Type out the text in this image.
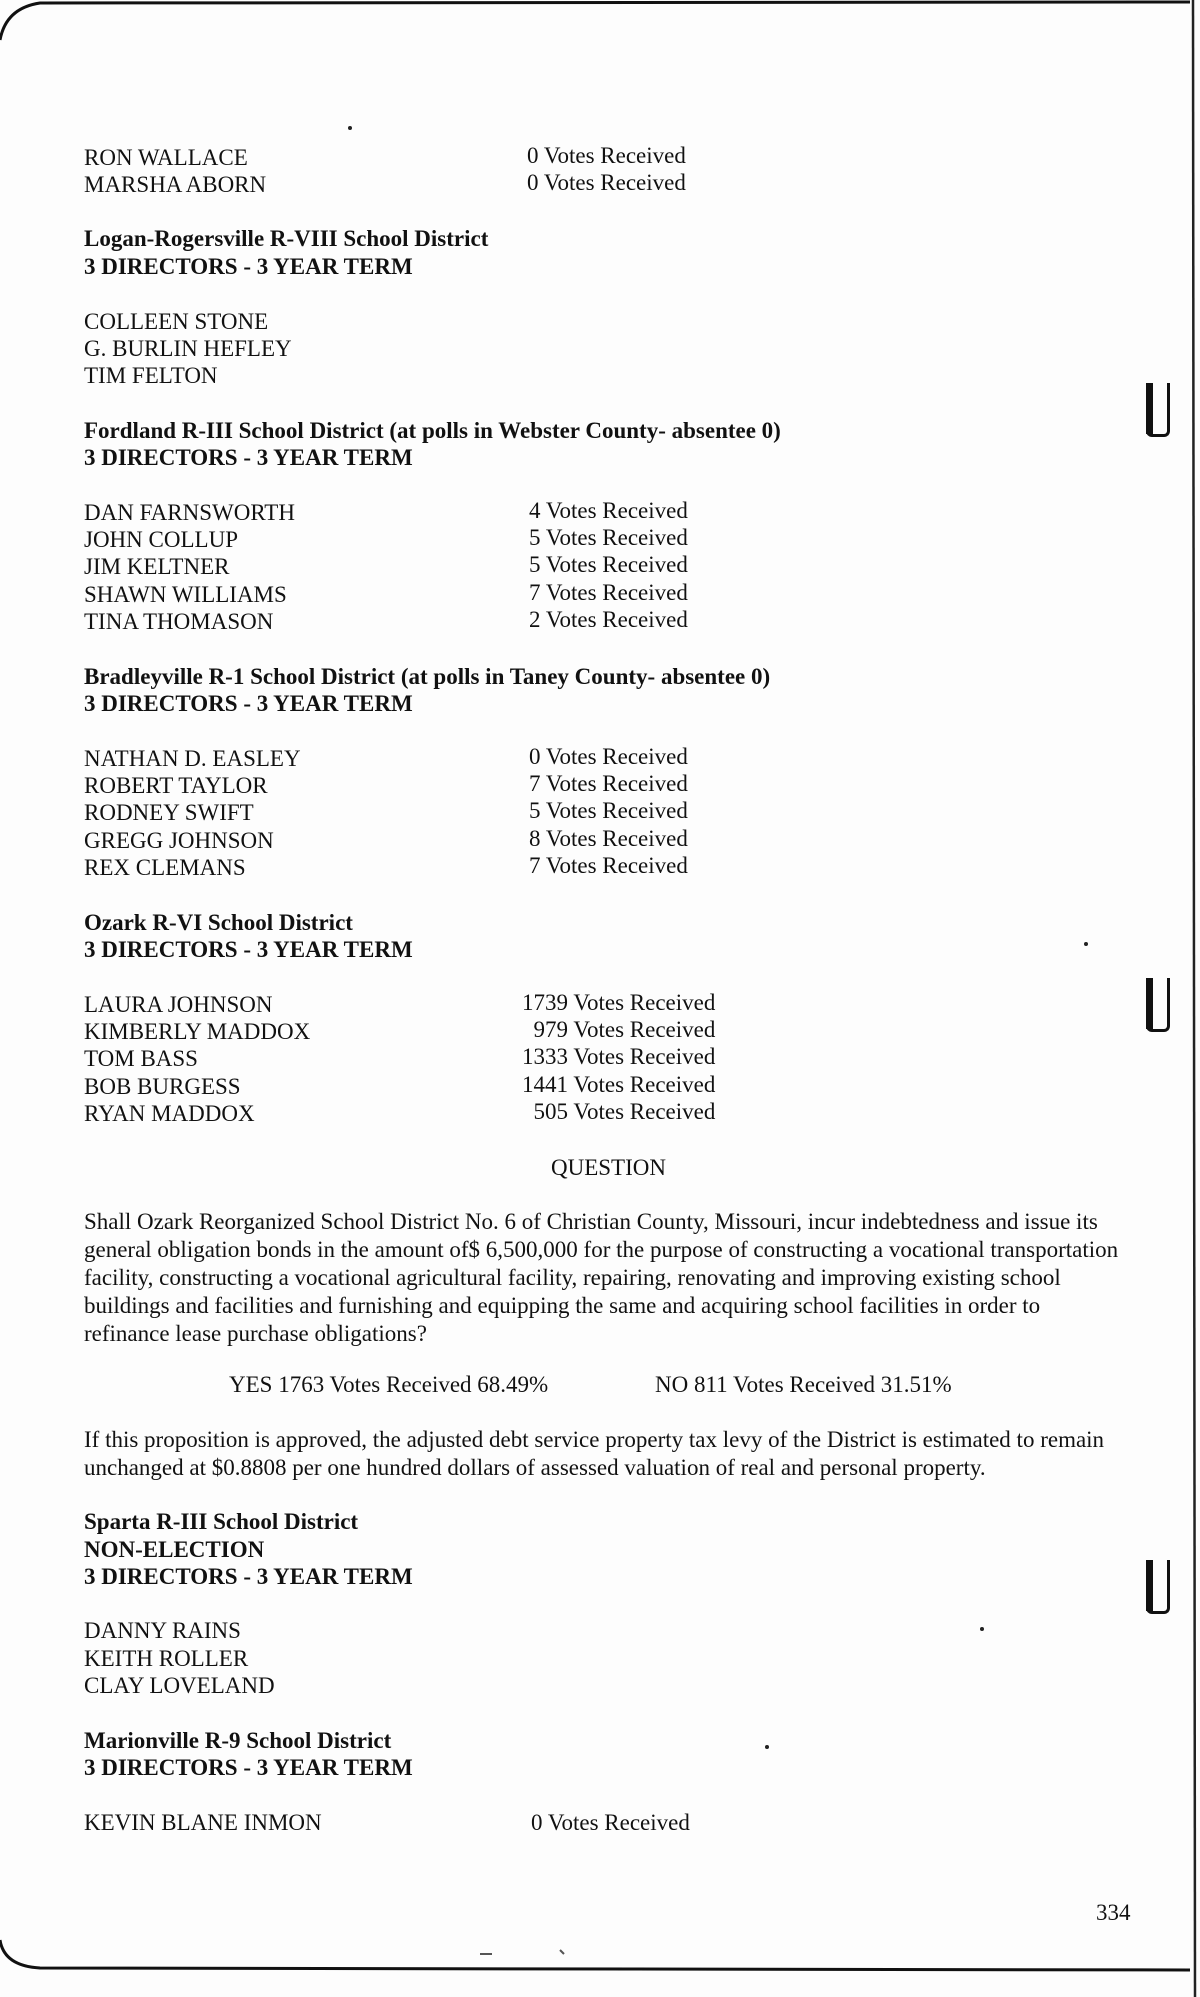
RON WALLACE	0 Votes Received
MARSHA ABORN	0 Votes Received
Logan-Rogersville R-VIII School District
3 DIRECTORS - 3 YEAR TERM
COLLEEN STONE
G. BURLIN HEFLEY
TIM FELTON
Fordland R-III School District (at polls in Webster County- absentee 0)
3 DIRECTORS - 3 YEAR TERM
DAN FARNSWORTH	4 Votes Received
JOHN COLLUP	5 Votes Received
JIM KELTNER	5 Votes Received
SHAWN WILLIAMS	7 Votes Received
TINA THOMASON	2 Votes Received
Bradleyville R-1 School District (at polls in Taney County- absentee 0)
3 DIRECTORS - 3 YEAR TERM
NATHAN D. EASLEY	0 Votes Received
ROBERT TAYLOR	7 Votes Received
RODNEY SWIFT	5 Votes Received
GREGG JOHNSON	8 Votes Received
REX CLEMANS	7 Votes Received
Ozark R-VI School District
3 DIRECTORS - 3 YEAR TERM
LAURA JOHNSON	1739 Votes Received
KIMBERLY MADDOX	979 Votes Received
TOM BASS	1333 Votes Received
BOB BURGESS	1441 Votes Received
RYAN MADDOX	505 Votes Received
QUESTION
Shall Ozark Reorganized School District No. 6 of Christian County, Missouri, incur indebtedness and issue its general obligation bonds in the amount of$ 6,500,000 for the purpose of constructing a vocational transportation facility, constructing a vocational agricultural facility, repairing, renovating and improving existing school buildings and facilities and furnishing and equipping the same and acquiring school facilities in order to refinance lease purchase obligations?
YES 1763 Votes Received 68.49%	NO 811 Votes Received 31.51%
If this proposition is approved, the adjusted debt service property tax levy of the District is estimated to remain unchanged at $0.8808 per one hundred dollars of assessed valuation of real and personal property.
Sparta R-III School District
NON-ELECTION
3 DIRECTORS - 3 YEAR TERM
DANNY RAINS
KEITH ROLLER
CLAY LOVELAND
Marionville R-9 School District
3 DIRECTORS - 3 YEAR TERM
KEVIN BLANE INMON	0 Votes Received
334
